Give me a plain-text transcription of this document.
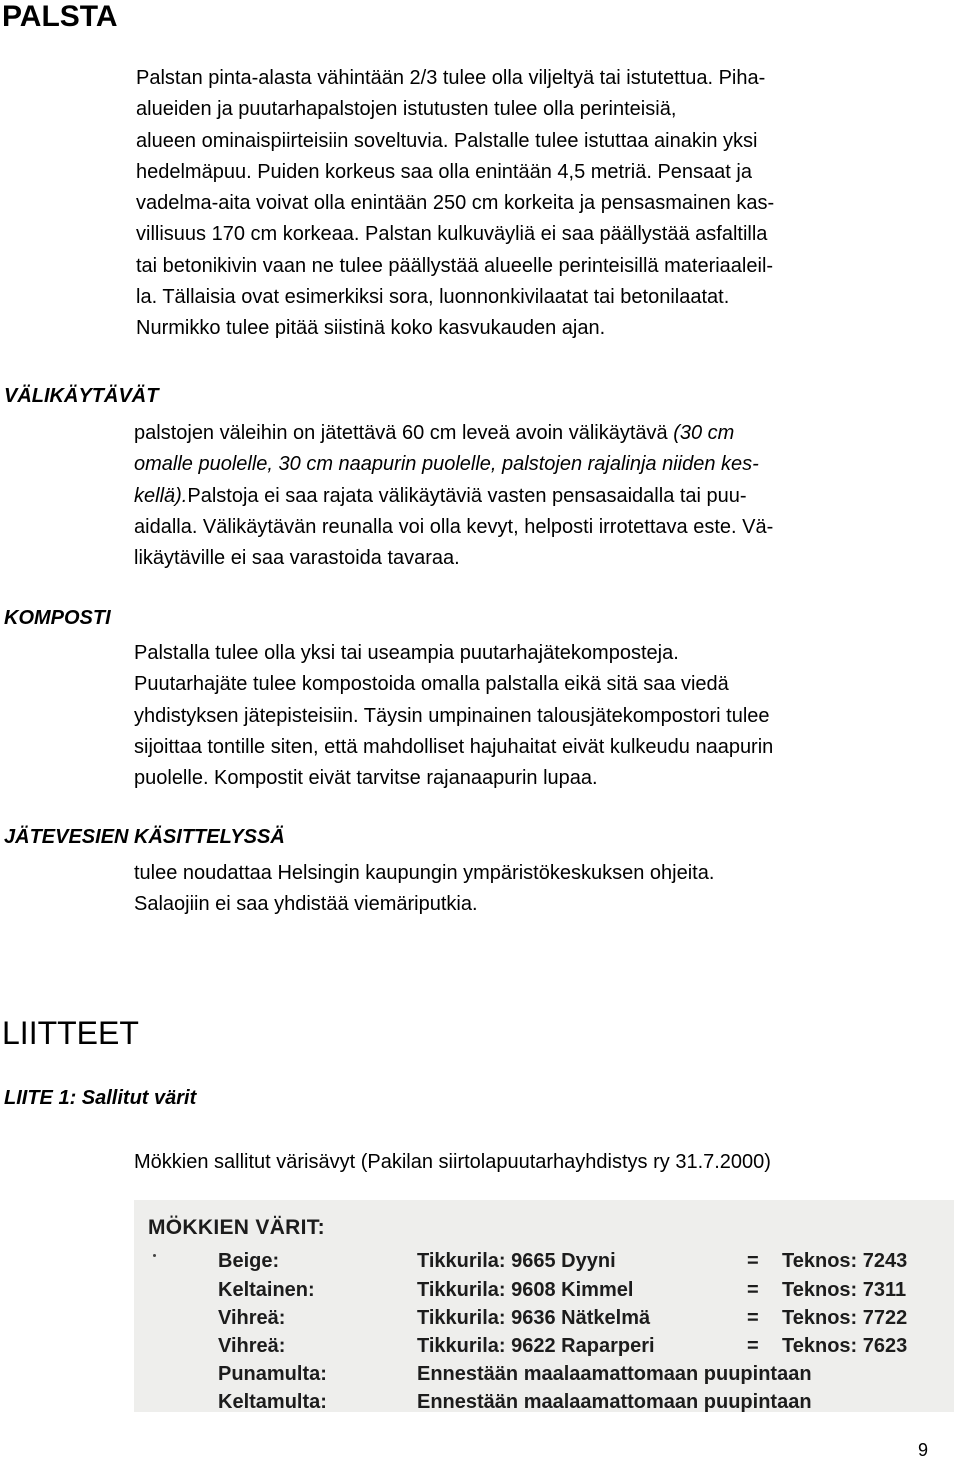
PALSTA

Palstan pinta-alasta vähintään 2/3 tulee olla viljeltyä tai istutettua. Piha-

alueiden ja puutarhapalstojen istutusten tulee olla perinteisiä,

alueen ominaispiirteisiin soveltuvia. Palstalle tulee istuttaa ainakin yksi

hedelmäpuu. Puiden korkeus saa olla enintään 4,5 metriä. Pensaat ja

vadelma-aita voivat olla enintään 250 cm korkeita ja pensasmainen kas-

villisuus 170 cm korkeaa. Palstan kulkuväyliä ei saa päällystää asfaltilla

tai betonikivin vaan ne tulee päällystää alueelle perinteisillä materiaaleil-

la. Tällaisia ovat esimerkiksi sora, luonnonkivilaatat tai betonilaatat.

Nurmikko tulee pitää siistinä koko kasvukauden ajan.

VÄLIKÄYTÄVÄT

palstojen väleihin on jätettävä 60 cm leveä avoin välikäytävä (30 cm

omalle puolelle, 30 cm naapurin puolelle, palstojen rajalinja niiden kes-

kellä).Palstoja ei saa rajata välikäytäviä vasten pensasaidalla tai puu-

aidalla. Välikäytävän reunalla voi olla kevyt, helposti irrotettava este. Vä-

likäytäville ei saa varastoida tavaraa.

KOMPOSTI

Palstalla tulee olla yksi tai useampia puutarhajätekomposteja.

Puutarhajäte tulee kompostoida omalla palstalla eikä sitä saa viedä

yhdistyksen jätepisteisiin. Täysin umpinainen talousjätekompostori tulee

sijoittaa tontille siten, että mahdolliset hajuhaitat eivät kulkeudu naapurin

puolelle. Kompostit eivät tarvitse rajanaapurin lupaa.

JÄTEVESIEN KÄSITTELYSSÄ

tulee noudattaa Helsingin kaupungin ympäristökeskuksen ohjeita.

Salaojiin ei saa yhdistää viemäriputkia.

LIITTEET
LIITE 1: Sallitut värit
Mökkien sallitut värisävyt (Pakilan siirtolapuutarhayhdistys ry 31.7.2000)
MÖKKIEN VÄRIT:
Beige:	Tikkurila: 9665 Dyyni	= Teknos: 7243
Keltainen:	Tikkurila: 9608 Kimmel	= Teknos: 7311
Vihreä:	Tikkurila: 9636 Nätkelmä	= Teknos: 7722
Vihreä:	Tikkurila: 9622 Raparperi	= Teknos: 7623
Punamulta:	Ennestään maalaamattomaan puupintaan
Keltamulta:	Ennestään maalaamattomaan puupintaan
9
